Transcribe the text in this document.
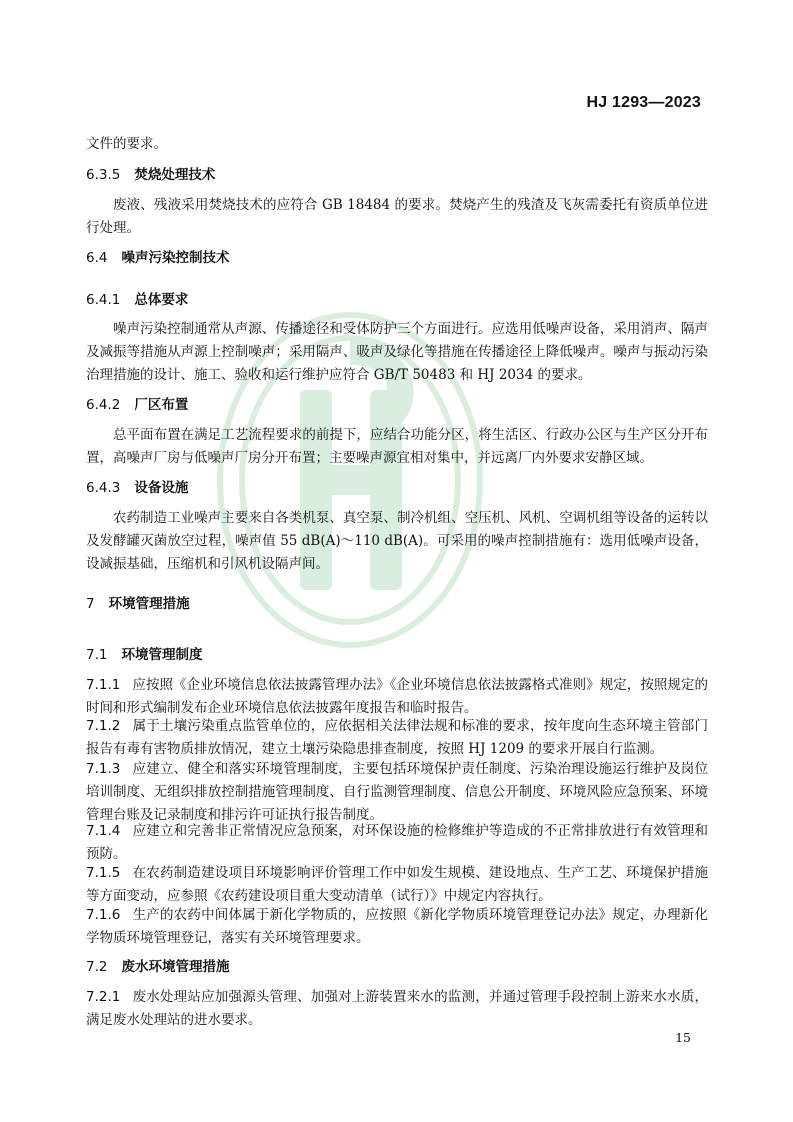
HJ 1293—2023
文件的要求。
6.3.5 焚烧处理技术
废液、残液采用焚烧技术的应符合 GB 18484 的要求。焚烧产生的残渣及飞灰需委托有资质单位进行处理。
6.4 噪声污染控制技术
6.4.1 总体要求
噪声污染控制通常从声源、传播途径和受体防护三个方面进行。应选用低噪声设备，采用消声、隔声及减振等措施从声源上控制噪声；采用隔声、吸声及绿化等措施在传播途径上降低噪声。噪声与振动污染治理措施的设计、施工、验收和运行维护应符合 GB/T 50483 和 HJ 2034 的要求。
6.4.2 厂区布置
总平面布置在满足工艺流程要求的前提下，应结合功能分区，将生活区、行政办公区与生产区分开布置，高噪声厂房与低噪声厂房分开布置；主要噪声源宜相对集中，并远离厂内外要求安静区域。
6.4.3 设备设施
农药制造工业噪声主要来自各类机泵、真空泵、制冷机组、空压机、风机、空调机组等设备的运转以及发酵罐灭菌放空过程，噪声值 55 dB(A)～110 dB(A)。可采用的噪声控制措施有：选用低噪声设备，设减振基础，压缩机和引风机设隔声间。
7 环境管理措施
7.1 环境管理制度
7.1.1 应按照《企业环境信息依法披露管理办法》《企业环境信息依法披露格式准则》规定，按照规定的时间和形式编制发布企业环境信息依法披露年度报告和临时报告。
7.1.2 属于土壤污染重点监管单位的，应依据相关法律法规和标准的要求，按年度向生态环境主管部门报告有毒有害物质排放情况，建立土壤污染隐患排查制度，按照 HJ 1209 的要求开展自行监测。
7.1.3 应建立、健全和落实环境管理制度，主要包括环境保护责任制度、污染治理设施运行维护及岗位培训制度、无组织排放控制措施管理制度、自行监测管理制度、信息公开制度、环境风险应急预案、环境管理台账及记录制度和排污许可证执行报告制度。
7.1.4 应建立和完善非正常情况应急预案，对环保设施的检修维护等造成的不正常排放进行有效管理和预防。
7.1.5 在农药制造建设项目环境影响评价管理工作中如发生规模、建设地点、生产工艺、环境保护措施等方面变动，应参照《农药建设项目重大变动清单（试行）》中规定内容执行。
7.1.6 生产的农药中间体属于新化学物质的，应按照《新化学物质环境管理登记办法》规定，办理新化学物质环境管理登记，落实有关环境管理要求。
7.2 废水环境管理措施
7.2.1 废水处理站应加强源头管理、加强对上游装置来水的监测，并通过管理手段控制上游来水水质，满足废水处理站的进水要求。
15
